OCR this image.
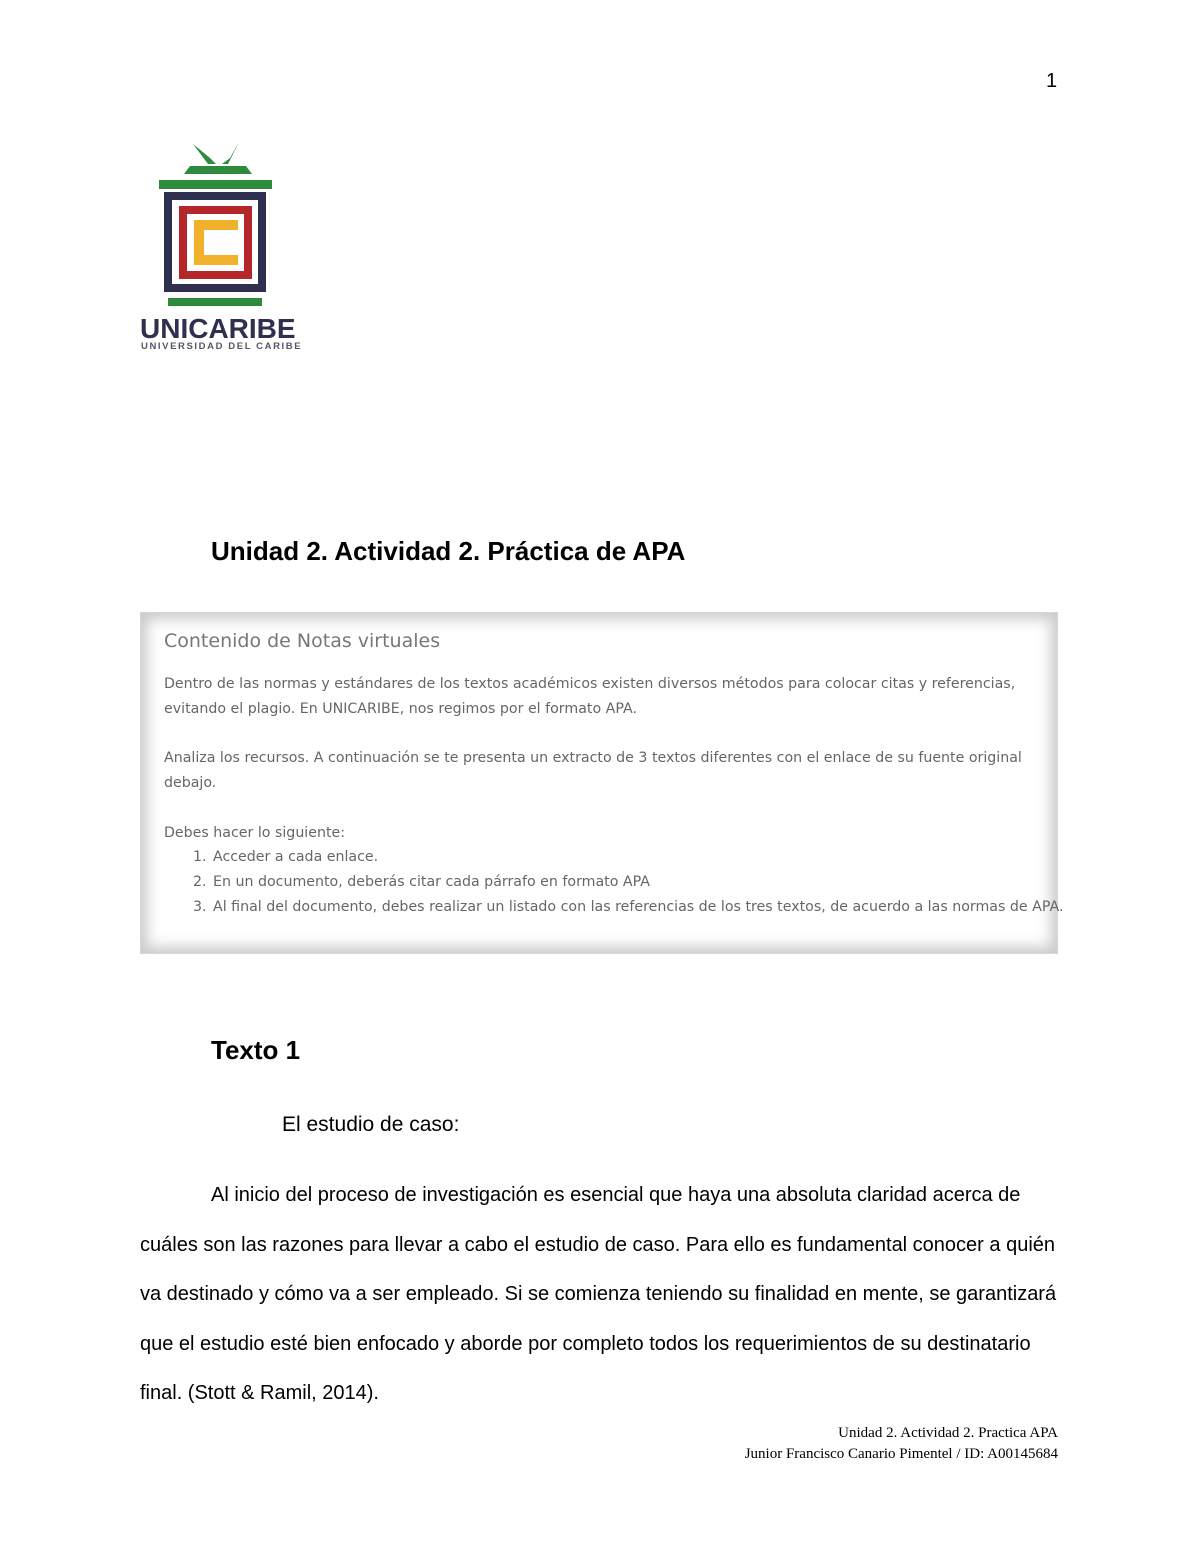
1
UNICARIBE
UNIVERSIDAD DEL CARIBE
Unidad 2. Actividad 2. Práctica de APA
Contenido de Notas virtuales
Dentro de las normas y estándares de los textos académicos existen diversos métodos para colocar citas y referencias, evitando el plagio. En UNICARIBE, nos regimos por el formato APA.
Analiza los recursos. A continuación se te presenta un extracto de 3 textos diferentes con el enlace de su fuente original debajo.
Debes hacer lo siguiente:
1. Acceder a cada enlace.
2. En un documento, deberás citar cada párrafo en formato APA
3. Al final del documento, debes realizar un listado con las referencias de los tres textos, de acuerdo a las normas de APA.
Texto 1
El estudio de caso:

Al inicio del proceso de investigación es esencial que haya una absoluta claridad acerca de cuáles son las razones para llevar a cabo el estudio de caso. Para ello es fundamental conocer a quién va destinado y cómo va a ser empleado. Si se comienza teniendo su finalidad en mente, se garantizará que el estudio esté bien enfocado y aborde por completo todos los requerimientos de su destinatario final. (Stott & Ramil, 2014).

Unidad 2. Actividad 2. Practica APA
Junior Francisco Canario Pimentel / ID: A00145684
